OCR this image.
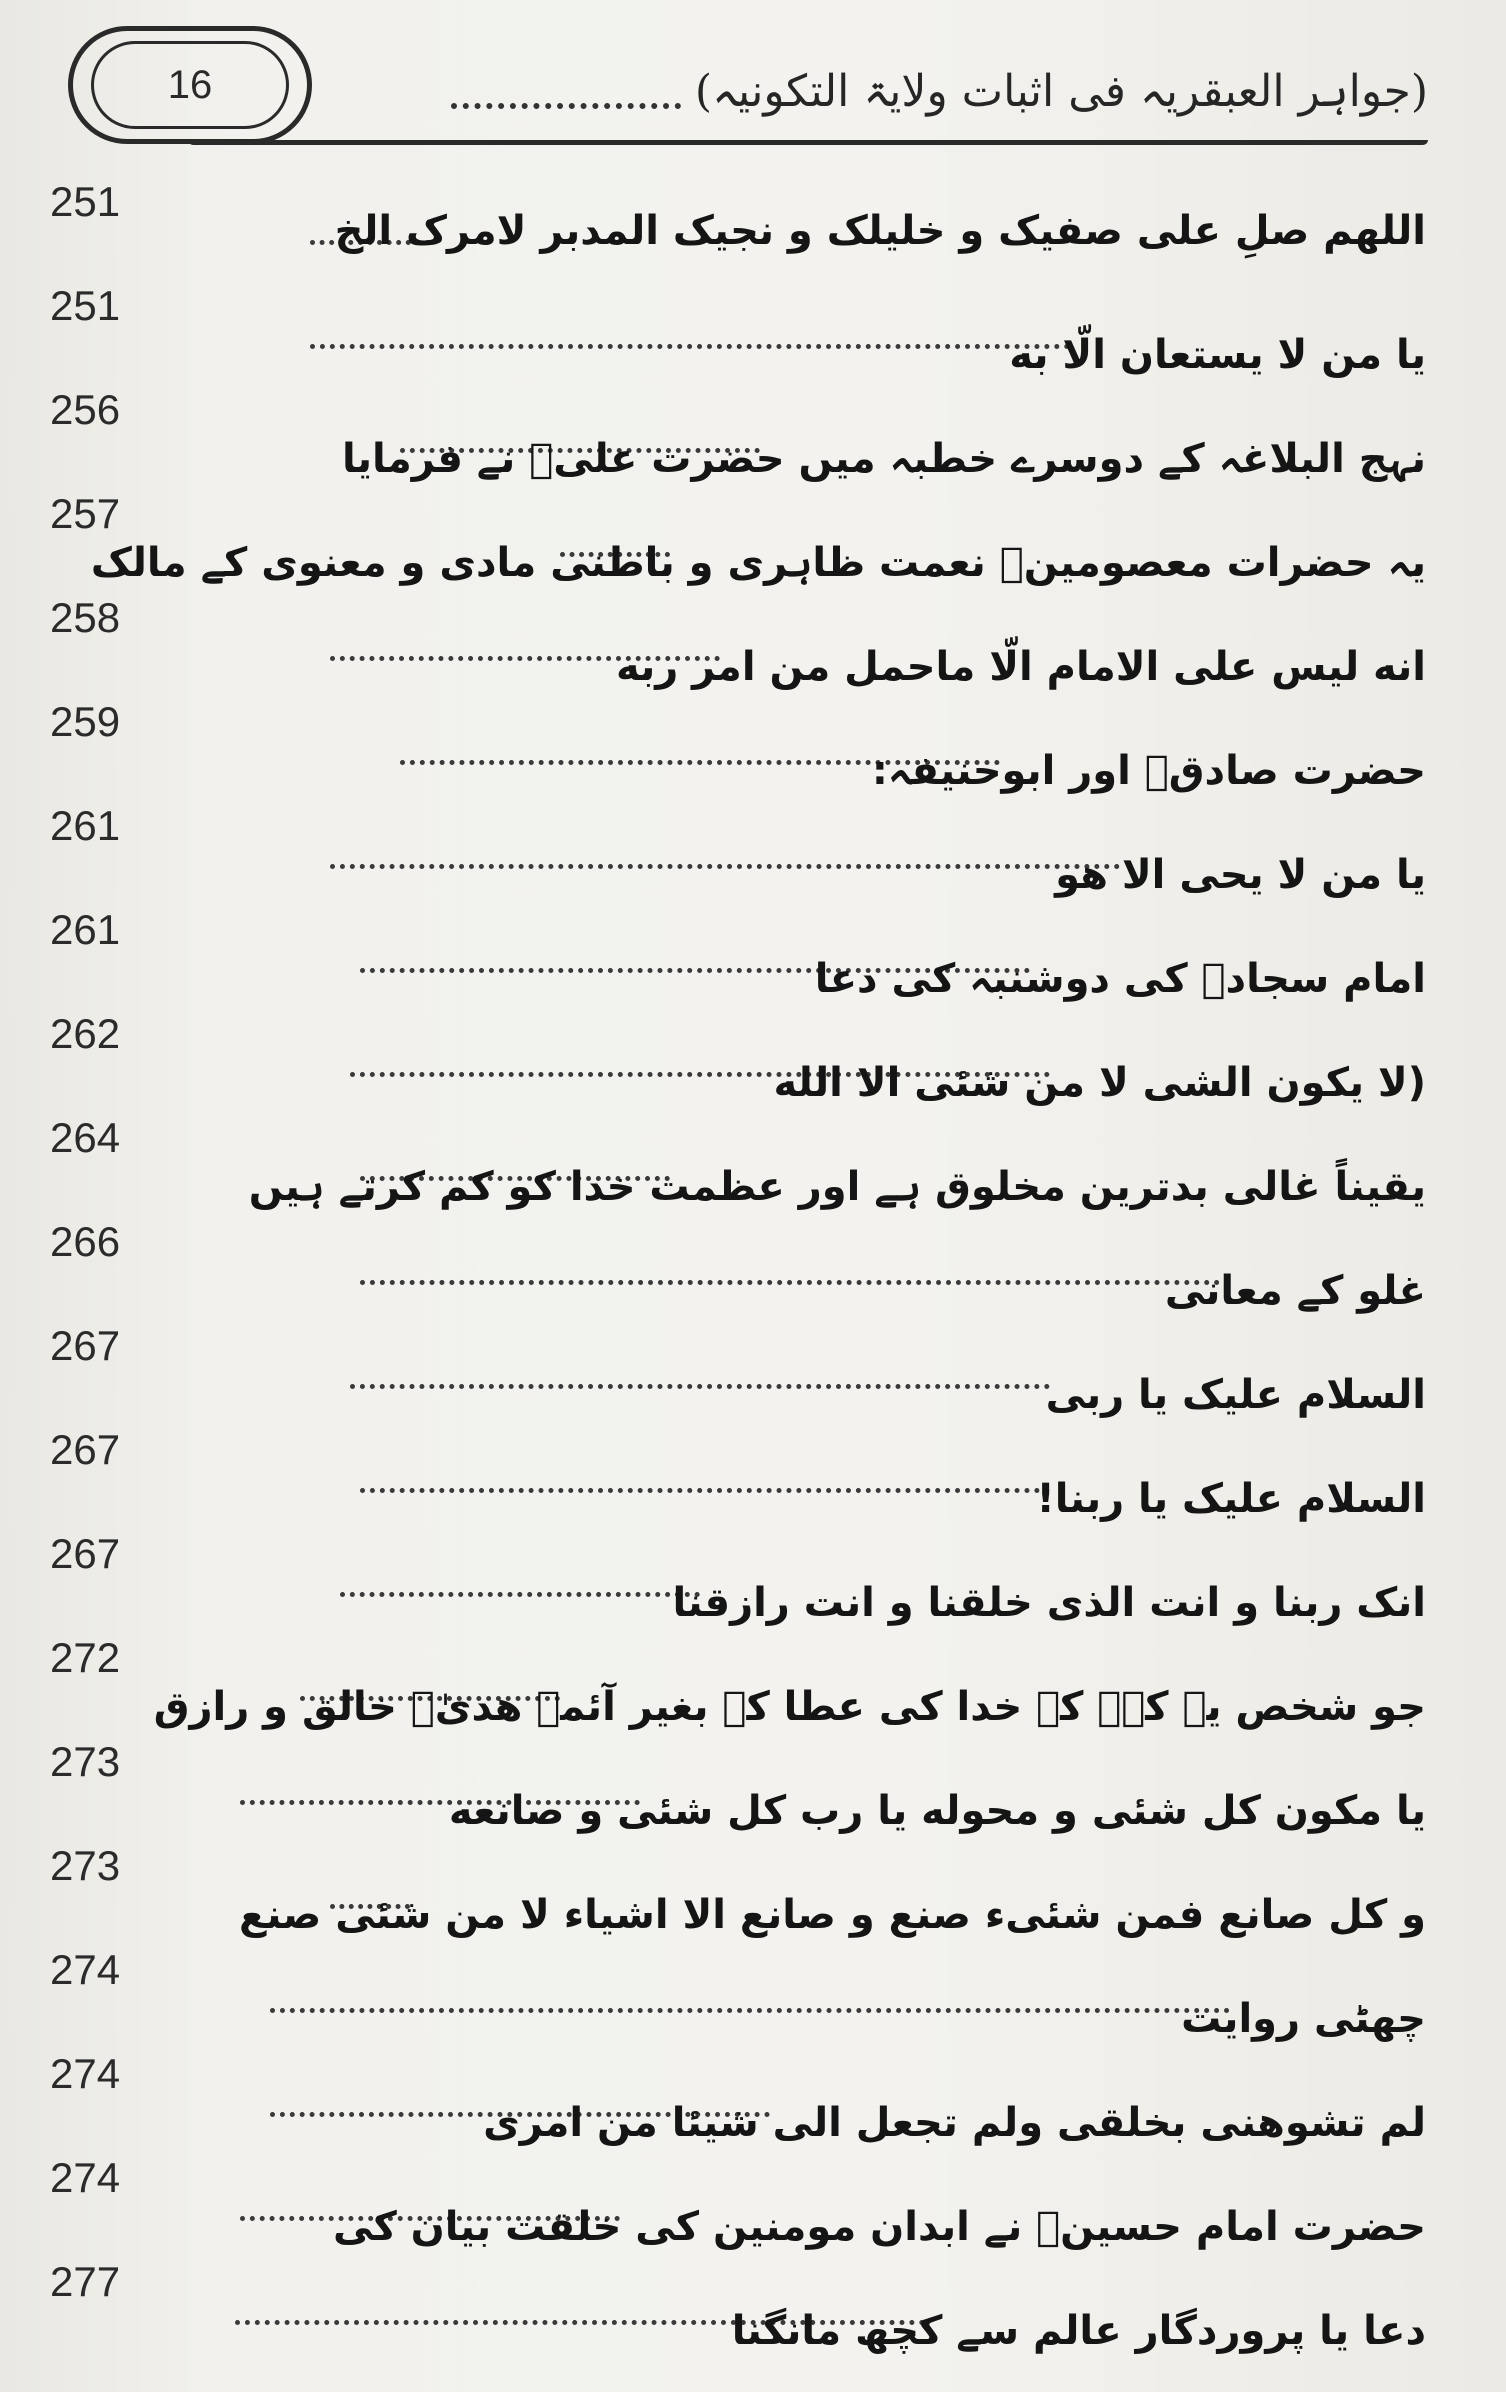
16	(جواہر العبقریہ فی اثبات ولایۃ التکونیہ)
251
اللهم صلِ علی صفیک و خلیلک و نجیک المدبر لامرک الخ
251
یا من لا یستعان الّا به
256
نہج البلاغہ کے دوسرے خطبہ میں حضرت علیؑ نے فرمایا
257
یہ حضرات معصومینؑ نعمت ظاہری و باطنی مادی و معنوی کے مالک
258
انه لیس علی الامام الّا ماحمل من امر ربه
259
حضرت صادقؑ اور ابوحنیفہ:
261
یا من لا یحی الا هو
261
امام سجادؑ کی دوشنبہ کی دعا
262
(لا یکون الشی لا من شئی الا الله
264
یقیناً غالی بدترین مخلوق ہے اور عظمت خدا کو کم کرتے ہیں
266
غلو کے معانی
267
السلام علیک یا ربی
267
السلام علیک یا ربنا!
267
انک ربنا و انت الذی خلقنا و انت رازقنا
272
جو شخص یہ کہے کہ خدا کی عطا کے بغیر آئمہ ھدیٰؑ خالق و رازق
273
یا مکون کل شئی و محوله یا رب کل شئی و صانعه
273
و کل صانع فمن شئیء صنع و صانع الا اشیاء لا من شئی صنع
274
چھٹی روایت
274
لم تشوهنی بخلقی ولم تجعل الی شیئا من امری
274
حضرت امام حسینؑ نے ابدان مومنین کی خلقت بیان کی
277
دعا یا پروردگار عالم سے کچھ مانگنا
